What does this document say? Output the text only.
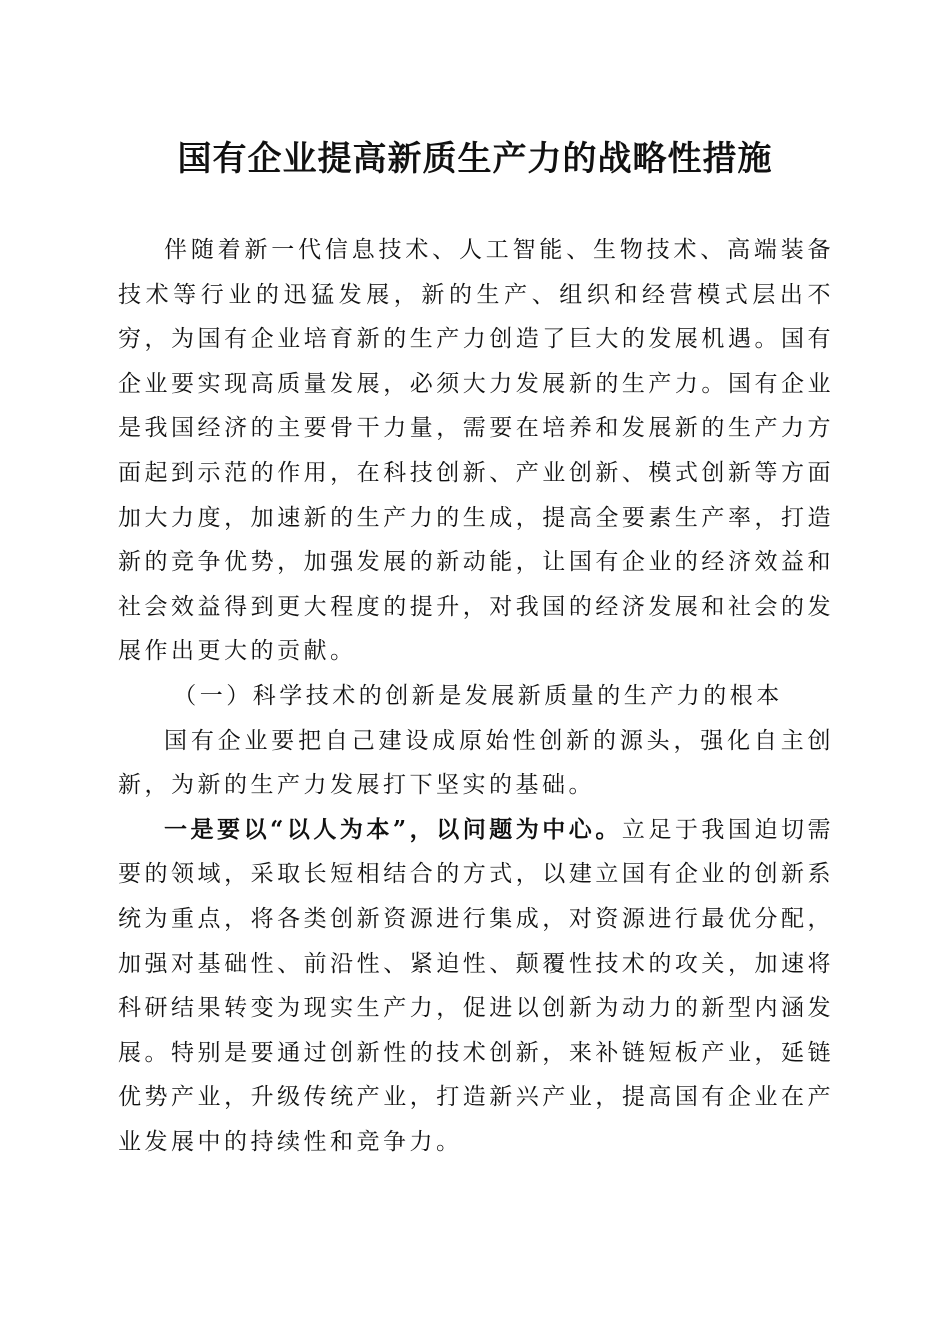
国有企业提高新质生产力的战略性措施

伴随着新一代信息技术、人工智能、生物技术、高端装备技术等行业的迅猛发展，新的生产、组织和经营模式层出不穷，为国有企业培育新的生产力创造了巨大的发展机遇。国有企业要实现高质量发展，必须大力发展新的生产力。国有企业是我国经济的主要骨干力量，需要在培养和发展新的生产力方面起到示范的作用，在科技创新、产业创新、模式创新等方面加大力度，加速新的生产力的生成，提高全要素生产率，打造新的竞争优势，加强发展的新动能，让国有企业的经济效益和社会效益得到更大程度的提升，对我国的经济发展和社会的发展作出更大的贡献。

（一）科学技术的创新是发展新质量的生产力的根本

国有企业要把自己建设成原始性创新的源头，强化自主创新，为新的生产力发展打下坚实的基础。

一是要以“以人为本”，以问题为中心。立足于我国迫切需要的领域，采取长短相结合的方式，以建立国有企业的创新系统为重点，将各类创新资源进行集成，对资源进行最优分配，加强对基础性、前沿性、紧迫性、颠覆性技术的攻关，加速将科研结果转变为现实生产力，促进以创新为动力的新型内涵发展。特别是要通过创新性的技术创新，来补链短板产业，延链优势产业，升级传统产业，打造新兴产业，提高国有企业在产业发展中的持续性和竞争力。
